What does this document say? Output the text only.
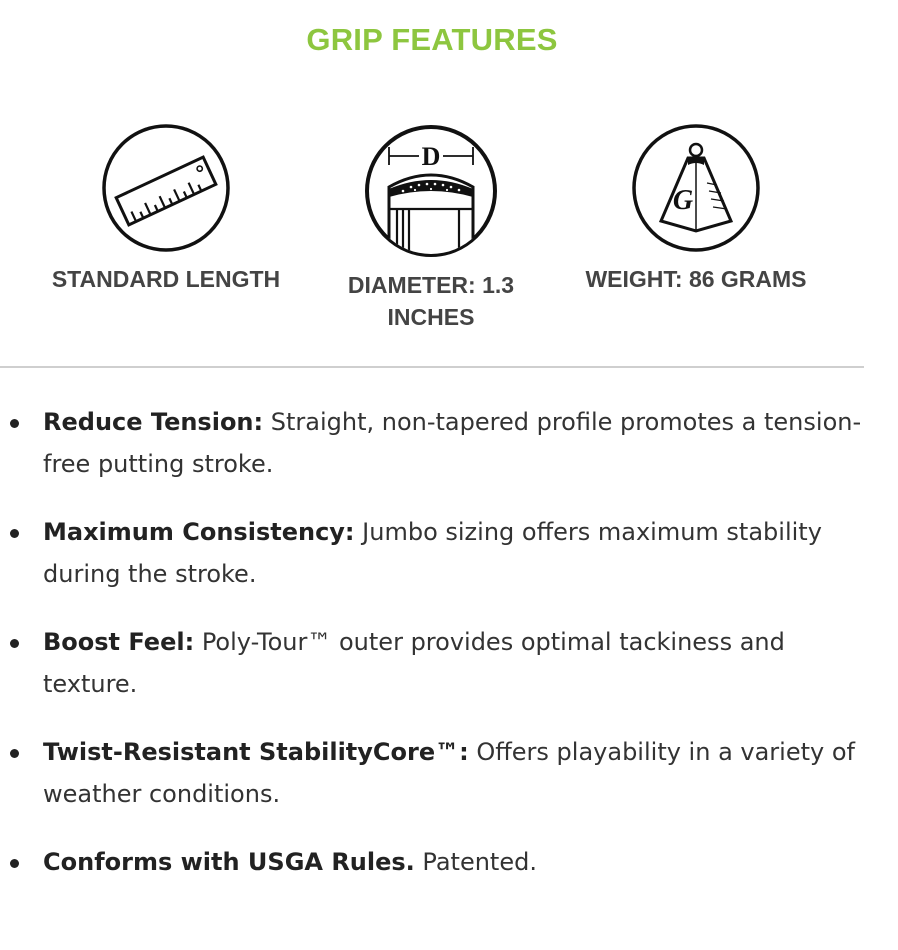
GRIP FEATURES
STANDARD LENGTH
D
DIAMETER: 1.3 INCHES
G
WEIGHT: 86 GRAMS
Reduce Tension: Straight, non-tapered profile promotes a tension-free putting stroke.
Maximum Consistency: Jumbo sizing offers maximum stability during the stroke.
Boost Feel: Poly-Tour™ outer provides optimal tackiness and texture.
Twist-Resistant StabilityCore™: Offers playability in a variety of weather conditions.
Conforms with USGA Rules. Patented.
